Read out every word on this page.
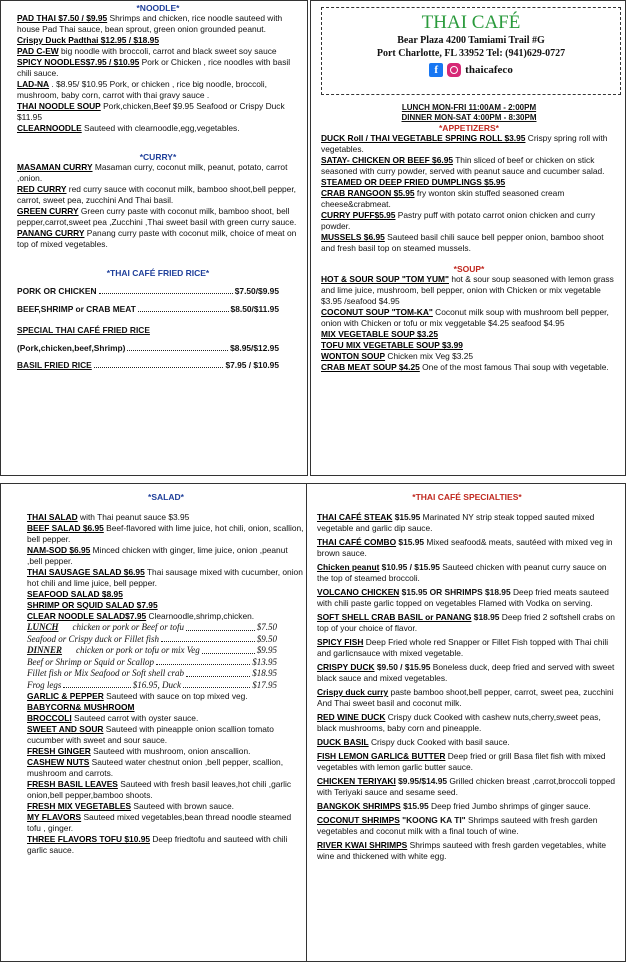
*NOODLE*

PAD THAI $7.50 / $9.95 Shrimps and chicken, rice noodle sauteed with house Pad Thai sauce, bean sprout, green onion grounded peanut.

Crispy Duck Padthai $12.95 / $18.95

PAD C-EW big noodle with broccoli, carrot and black sweet soy sauce

SPICY NOODLES$7.95 / $10.95 Pork or Chicken , rice noodles with basil chili sauce.

LAD-NA . $8.95/ $10.95 Pork, or chicken , rice big noodle, broccoli, mushroom, baby corn, carrot with thai gravy sauce .

THAI NOODLE SOUP Pork,chicken,Beef $9.95 Seafood or Crispy Duck $11.95

CLEARNOODLE Sauteed with clearnoodle,egg,vegetables.

*CURRY*

MASAMAN CURRY Masaman curry, coconut milk, peanut, potato, carrot ,onion.

RED CURRY red curry sauce with coconut milk, bamboo shoot,bell pepper, carrot, sweet pea, zucchini And Thai basil.

GREEN CURRY Green curry paste with coconut milk, bamboo shoot, bell pepper,carrot,sweet pea ,Zucchini ,Thai sweet basil with green curry sauce.

PANANG CURRY Panang curry paste with coconut milk, choice of meat on top of mixed vegetables.

*THAI CAFÉ FRIED RICE*

PORK OR CHICKEN	$7.50/$9.95
BEEF,SHRIMP or CRAB MEAT	$8.50/$11.95
SPECIAL THAI CAFÉ FRIED RICE
(Pork,chicken,beef,Shrimp)	$8.95/$12.95
BASIL FRIED RICE	$7.95 / $10.95
THAI CAFÉ
Bear Plaza 4200 Tamiami Trail #G
Port Charlotte, FL 33952 Tel: (941)629-0727
f	thaicafeco
LUNCH MON-FRI 11:00AM - 2:00PM
DINNER MON-SAT 4:00PM - 8:30PM

*APPETIZERS*

DUCK Roll / THAI VEGETABLE SPRING ROLL $3.95 Crispy spring roll with vegetables.

SATAY- CHICKEN OR BEEF $6.95 Thin sliced of beef or chicken on stick seasoned with curry powder, served with peanut sauce and cucumber salad.

STEAMED OR DEEP FRIED DUMPLINGS $5.95

CRAB RANGOON $5.95 fry wonton skin stuffed seasoned cream cheese&crabmeat.

CURRY PUFF$5.95 Pastry puff with potato carrot onion chicken and curry powder.

MUSSELS $6.95 Sauteed basil chili sauce bell pepper onion, bamboo shoot and fresh basil top on steamed mussels.

*SOUP*

HOT & SOUR SOUP "TOM YUM" hot & sour soup seasoned with lemon grass and lime juice, mushroom, bell pepper, onion with Chicken or mix vegetable $3.95 /seafood $4.95

COCONUT SOUP "TOM-KA" Coconut milk soup with mushroom bell pepper, onion with Chicken or tofu or mix veggetable $4.25 seafood $4.95

MIX VEGETABLE SOUP $3.25

TOFU MIX VEGETABLE SOUP $3.99

WONTON SOUP Chicken mix Veg $3.25

CRAB MEAT SOUP $4.25 One of the most famous Thai soup with vegetable.

*SALAD*

THAI SALAD with Thai peanut sauce $3.95

BEEF SALAD $6.95 Beef-flavored with lime juice, hot chili, onion, scallion, bell pepper.

NAM-SOD $6.95 Minced chicken with ginger, lime juice, onion ,peanut ,bell pepper.

THAI SAUSAGE SALAD $6.95 Thai sausage mixed with cucumber, onion hot chili and lime juice, bell pepper.

SEAFOOD SALAD $8.95

SHRIMP OR SQUID SALAD $7.95

CLEAR NOODLE SALAD$7.95 Clearnoodle,shrimp,chicken.

LUNCH chicken or pork or Beef or tofu	$7.50
Seafood or Crispy duck or Fillet fish	$9.50
DINNER chicken or pork or tofu or mix Veg	$9.95
Beef or Shrimp or Squid or Scallop	$13.95
Fillet fish or Mix Seafood or Soft shell crab	$18.95
Frog legs	$16.95, Duck	$17.95

GARLIC & PEPPER Sauteed with sauce on top mixed veg.

BABYCORN& MUSHROOM

BROCCOLI Sauteed carrot with oyster sauce.

SWEET AND SOUR Sauteed with pineapple onion scallion tomato cucumber with sweet and sour sauce.

FRESH GINGER Sauteed with mushroom, onion anscallion.

CASHEW NUTS Sauteed water chestnut onion ,bell pepper, scallion, mushroom and carrots.

FRESH BASIL LEAVES Sauteed with fresh basil leaves,hot chili ,garlic onion,bell pepper,bamboo shoots.

FRESH MIX VEGETABLES Sauteed with brown sauce.

MY FLAVORS Sauteed mixed vegetables,bean thread noodle steamed tofu , ginger.

THREE FLAVORS TOFU $10.95 Deep friedtofu and sauteed with chili garlic sauce.

*THAI CAFÉ SPECIALTIES*

THAI CAFÉ STEAK $15.95 Marinated NY strip steak topped sauted mixed vegetable and garlic dip sauce.

THAI CAFÉ COMBO $15.95 Mixed seafood& meats, sautéed with mixed veg in brown sauce.

Chicken peanut $10.95 / $15.95 Sauteed chicken with peanut curry sauce on the top of steamed broccoli.

VOLCANO CHICKEN $15.95 OR SHRIMPS $18.95 Deep fried meats sauteed with chili paste garlic topped on vegetables Flamed with Vodka on serving.

SOFT SHELL CRAB BASIL or PANANG $18.95 Deep fried 2 softshell crabs on top of your choice of flavor.

SPICY FISH Deep Fried whole red Snapper or Fillet Fish topped with Thai chili and garlicnsauce with mixed vegetable.

CRISPY DUCK $9.50 / $15.95 Boneless duck, deep fried and served with sweet black sauce and mixed vegetables.

Crispy duck curry paste bamboo shoot,bell pepper, carrot, sweet pea, zucchini And Thai sweet basil and coconut milk.

RED WINE DUCK Crispy duck Cooked with cashew nuts,cherry,sweet peas, black mushrooms, baby corn and pineapple.

DUCK BASIL Crispy duck Cooked with basil sauce.

FISH LEMON GARLIC& BUTTER Deep fried or grill Basa filet fish with mixed vegetables with lemon garlic butter sauce.

CHICKEN TERIYAKI $9.95/$14.95 Grilled chicken breast ,carrot,broccoli topped with Teriyaki sauce and sesame seed.

BANGKOK SHRIMPS $15.95 Deep fried Jumbo shrimps of ginger sauce.

COCONUT SHRIMPS "KOONG KA TI" Shrimps sauteed with fresh garden vegetables and coconut milk with a final touch of wine.

RIVER KWAI SHRIMPS Shrimps sauteed with fresh garden vegetables, white wine and thickened with white egg.
